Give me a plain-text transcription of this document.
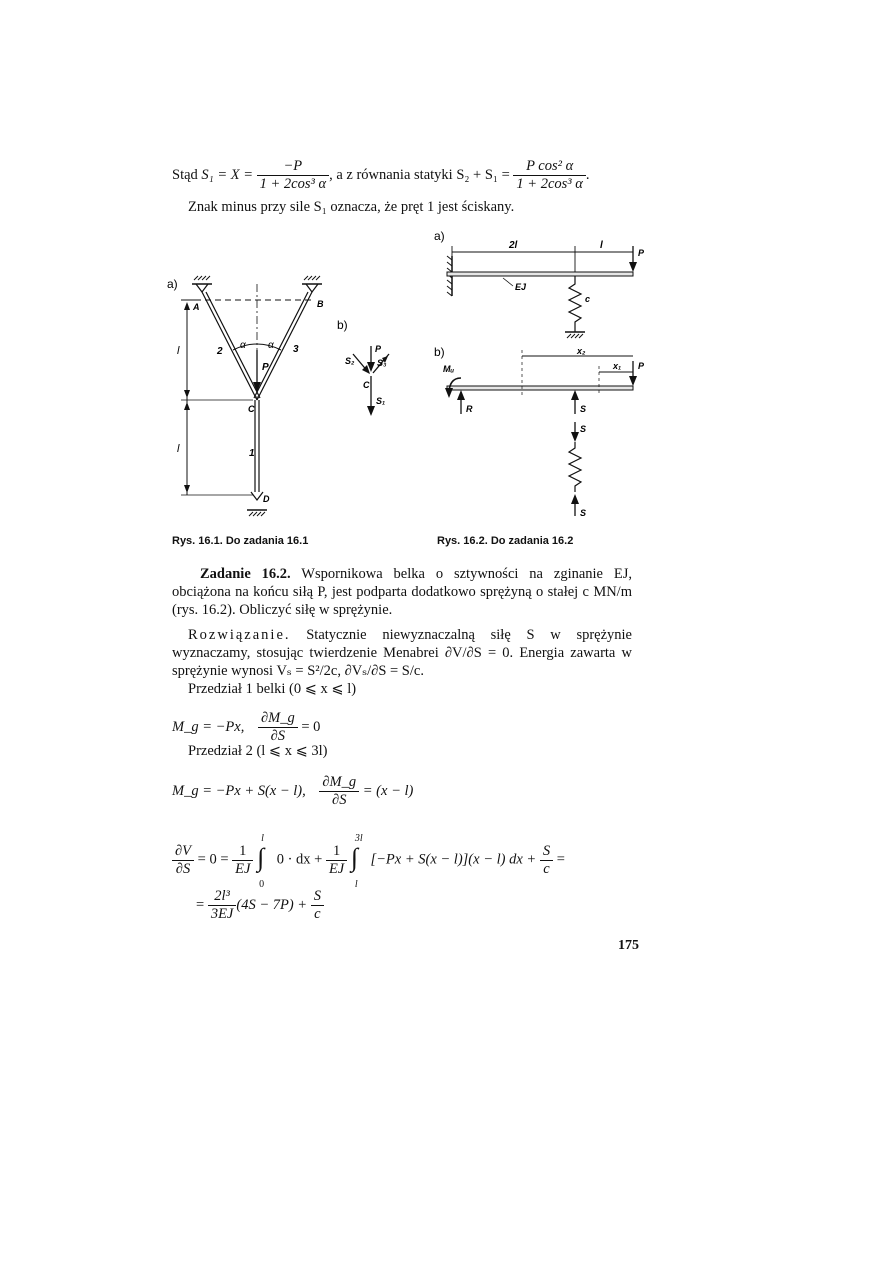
Stąd $S_1 = X = \frac{-P}{\text{1 + 2cos³ α}}$ , a z równania statyki $S_2 + S_1 = \frac{\text{P cos² α}}{\text{1 + 2cos³ α}}$ .
Znak minus przy sile S₁ oznacza, że pręt 1 jest ściskany.
a)
α α
A	B
C
D
2	3
1
P
l
l
b)
P
S₂	S₃
C
S₁
a)
2l	l
P
EJ
c
b)	x₂
x₁ P
Mᵤ
R	S
S
S
Rys. 16.1. Do zadania 16.1	Rys. 16.2. Do zadania 16.2
Zadanie 16.2. Wspornikowa belka o sztywności na zginanie EJ, obciążona na końcu siłą P, jest podparta dodatkowo sprężyną o stałej c MN/m (rys. 16.2). Obliczyć siłę w sprężynie.
Rozwiązanie. Statycznie niewyznaczalną siłę S w sprężynie wyznaczamy, stosując twierdzenie Menabrei ∂V/∂S = 0. Energia zawarta w sprężynie wynosi Vₛ = S²/2c, ∂Vₛ/∂S = S/c.
Przedział 1 belki (0 ⩽ x ⩽ l)
M_g = −Px, $\frac{\partial M\_g}{\partial S} = 0$
Przedział 2 (l ⩽ x ⩽ 3l)
M_g = −Px + S(x − l), $\frac{\partial M\_g}{\partial S} = (x - l)$
$\frac{\partial V}{\partial S} = 0 = \frac{1}{EJ}$

l
∫
0
0 · dx + $\frac{1}{EJ}$

3l
∫
l
[−Px + S(x − l)](x − l) dx + $\frac{S}{c}$ =
= $\frac{\text{2l³}}{3EJ} (4S - 7P) + \frac{S}{c}$
175
